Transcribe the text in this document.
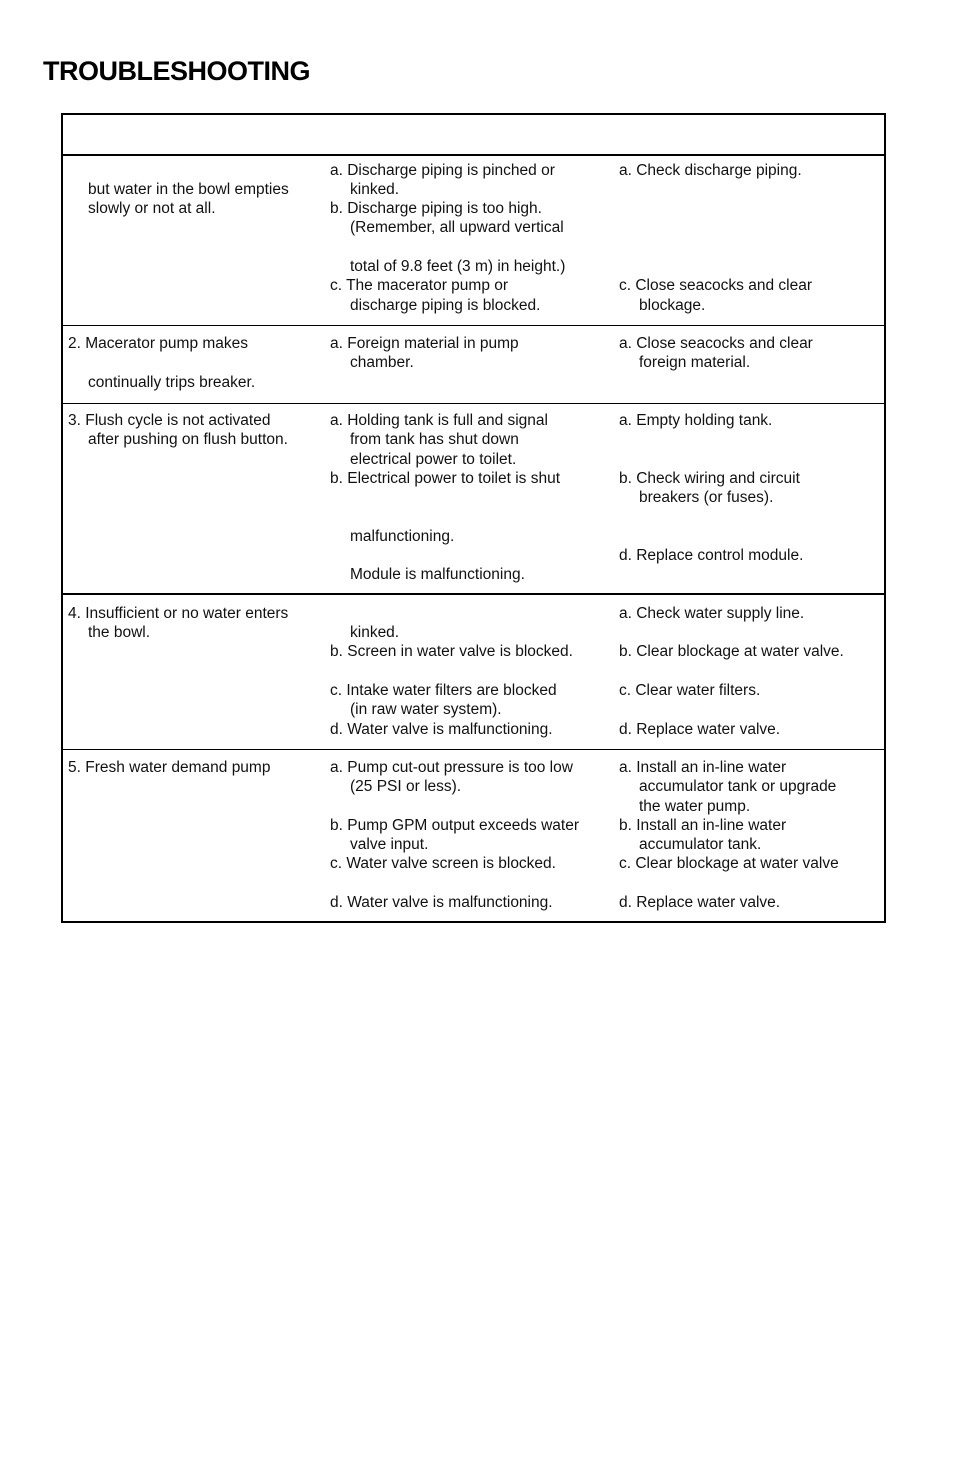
TROUBLESHOOTING
but water in the bowl empties
slowly or not at all.
a. Discharge piping is pinched or
kinked.
b. Discharge piping is too high.
(Remember, all upward vertical
total of 9.8 feet (3 m) in height.)
c. The macerator pump or
discharge piping is blocked.
a. Check discharge piping.
c. Close seacocks and clear
blockage.
2. Macerator pump makes
continually trips breaker.
a. Foreign material in pump
chamber.
a. Close seacocks and clear
foreign material.
3. Flush cycle is not activated
after pushing on flush button.
a. Holding tank is full and signal
from tank has shut down
electrical power to toilet.
b. Electrical power to toilet is shut
malfunctioning.
Module is malfunctioning.
a. Empty holding tank.
b. Check wiring and circuit
breakers (or fuses).
d. Replace control module.
4. Insufficient or no water enters
the bowl.	kinked.
b. Screen in water valve is blocked.
c. Intake water filters are blocked
(in raw water system).
d. Water valve is malfunctioning.
a. Check water supply line.
b. Clear blockage at water valve.
c. Clear water filters.
d. Replace water valve.
5. Fresh water demand pump	a. Pump cut-out pressure is too low
(25 PSI or less).
b. Pump GPM output exceeds water
valve input.
c. Water valve screen is blocked.
d. Water valve is malfunctioning.
a. Install an in-line water
accumulator tank or upgrade
the water pump.
b. Install an in-line water
accumulator tank.
c. Clear blockage at water valve
d. Replace water valve.
